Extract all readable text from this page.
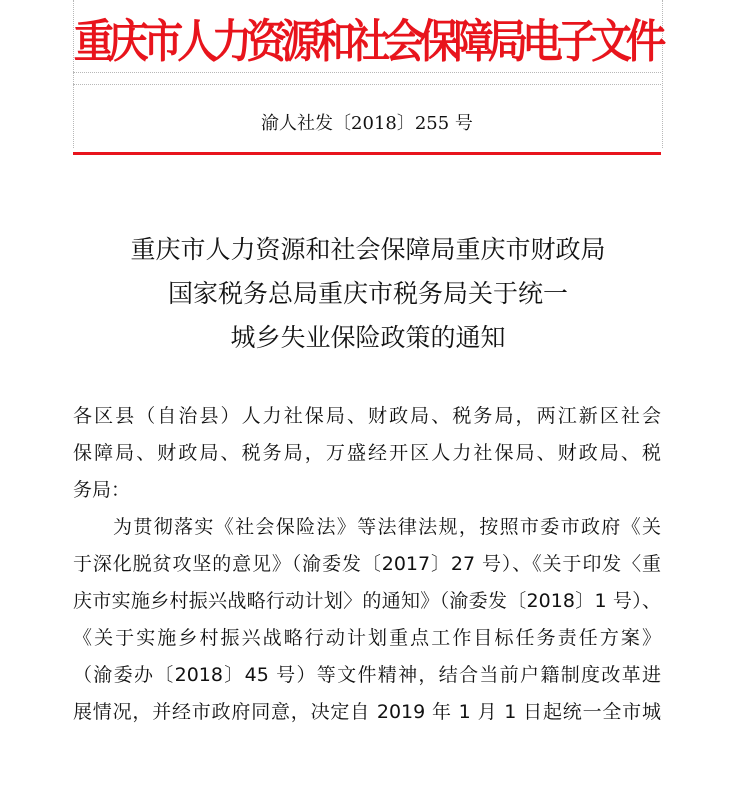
重庆市人力资源和社会保障局电子文件
渝人社发〔2018〕255 号
重庆市人力资源和社会保障局重庆市财政局
国家税务总局重庆市税务局关于统一
城乡失业保险政策的通知
各区县（自治县）人力社保局、财政局、税务局，两江新区社会
保障局、财政局、税务局，万盛经开区人力社保局、财政局、税
务局：
为贯彻落实《社会保险法》等法律法规，按照市委市政府《关
于深化脱贫攻坚的意见》（渝委发〔2017〕27 号）、《关于印发〈重
庆市实施乡村振兴战略行动计划〉的通知》（渝委发〔2018〕1 号）、
《关于实施乡村振兴战略行动计划重点工作目标任务责任方案》
（渝委办〔2018〕45 号）等文件精神，结合当前户籍制度改革进
展情况，并经市政府同意，决定自 2019 年 1 月 1 日起统一全市城
